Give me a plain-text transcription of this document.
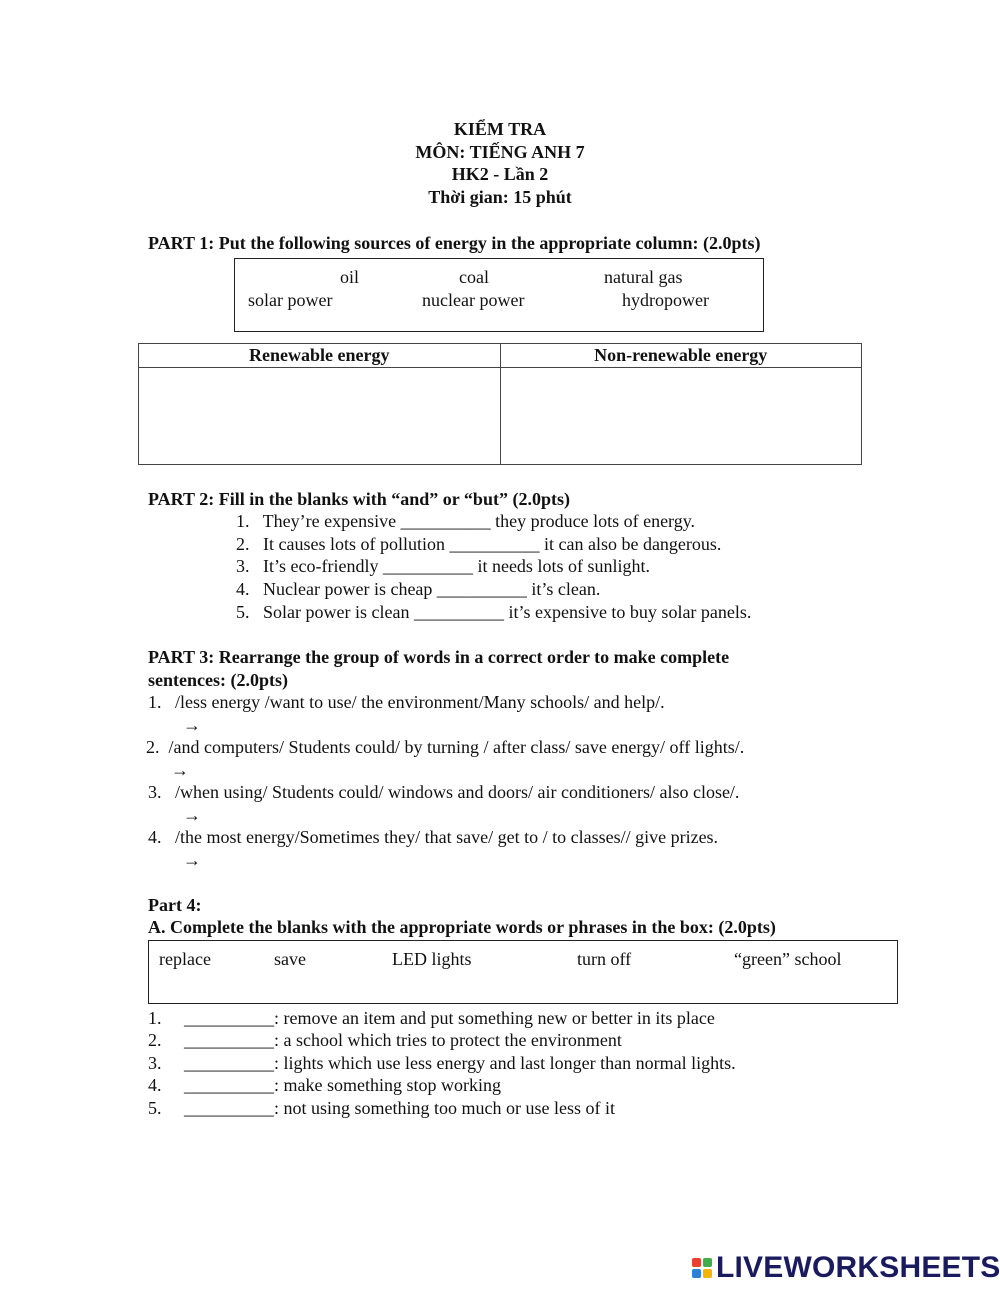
KIỂM TRA
MÔN: TIẾNG ANH 7
HK2 - Lần 2
Thời gian: 15 phút
PART 1: Put the following sources of energy in the appropriate column: (2.0pts)
oil	coal	natural gas
solar power	nuclear power	hydropower
Renewable energy	Non-renewable energy

PART 2: Fill in the blanks with “and” or “but” (2.0pts)
1.   They’re expensive __________ they produce lots of energy.
2.   It causes lots of pollution __________ it can also be dangerous.
3.   It’s eco-friendly __________ it needs lots of sunlight.
4.   Nuclear power is cheap __________ it’s clean.
5.   Solar power is clean __________ it’s expensive to buy solar panels.
PART 3: Rearrange the group of words in a correct order to make complete
sentences: (2.0pts)
1.   /less energy /want to use/ the environment/Many schools/ and help/.
→
2.  /and computers/ Students could/ by turning / after class/ save energy/ off lights/.
→
3.   /when using/ Students could/ windows and doors/ air conditioners/ also close/.
→
4.   /the most energy/Sometimes they/ that save/ get to / to classes// give prizes.
→
Part 4:
A. Complete the blanks with the appropriate words or phrases in the box: (2.0pts)
replace	save	LED lights	turn off	“green” school
1.     __________: remove an item and put something new or better in its place
2.     __________: a school which tries to protect the environment
3.     __________: lights which use less energy and last longer than normal lights.
4.     __________: make something stop working
5.     __________: not using something too much or use less of it
LIVEWORKSHEETS
